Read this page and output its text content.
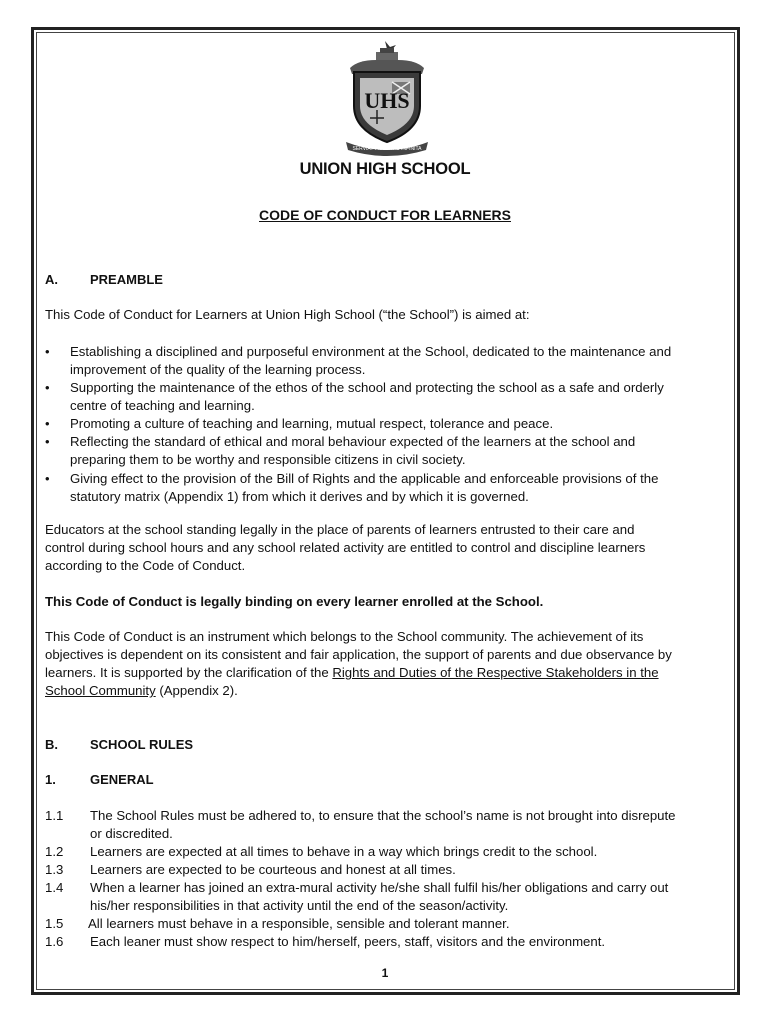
UHS
SERVIAT FIDELITAS INFINITA
UNION HIGH SCHOOL
CODE OF CONDUCT FOR LEARNERS
A. PREAMBLE
This Code of Conduct for Learners at Union High School (“the School”) is aimed at:
•	Establishing a disciplined and purposeful environment at the School, dedicated to the maintenance and
improvement of the quality of the learning process.
•	Supporting the maintenance of the ethos of the school and protecting the school as a safe and orderly
centre of teaching and learning.
•	Promoting a culture of teaching and learning, mutual respect, tolerance and peace.
•	Reflecting the standard of ethical and moral behaviour expected of the learners at the school and
preparing them to be worthy and responsible citizens in civil society.
•	Giving effect to the provision of the Bill of Rights and the applicable and enforceable provisions of the
statutory matrix (Appendix 1) from which it derives and by which it is governed.
Educators at the school standing legally in the place of parents of learners entrusted to their care and
control during school hours and any school related activity are entitled to control and discipline learners
according to the Code of Conduct.
This Code of Conduct is legally binding on every learner enrolled at the School.
This Code of Conduct is an instrument which belongs to the School community. The achievement of its
objectives is dependent on its consistent and fair application, the support of parents and due observance by
learners. It is supported by the clarification of the Rights and Duties of the Respective Stakeholders in the
School Community (Appendix 2).
B. SCHOOL RULES
1.	GENERAL
1.1	The School Rules must be adhered to, to ensure that the school’s name is not brought into disrepute
or discredited.
1.2	Learners are expected at all times to behave in a way which brings credit to the school.
1.3	Learners are expected to be courteous and honest at all times.
1.4	When a learner has joined an extra-mural activity he/she shall fulfil his/her obligations and carry out
his/her responsibilities in that activity until the end of the season/activity.
1.5	All learners must behave in a responsible, sensible and tolerant manner.
1.6	Each leaner must show respect to him/herself, peers, staff, visitors and the environment.
1
